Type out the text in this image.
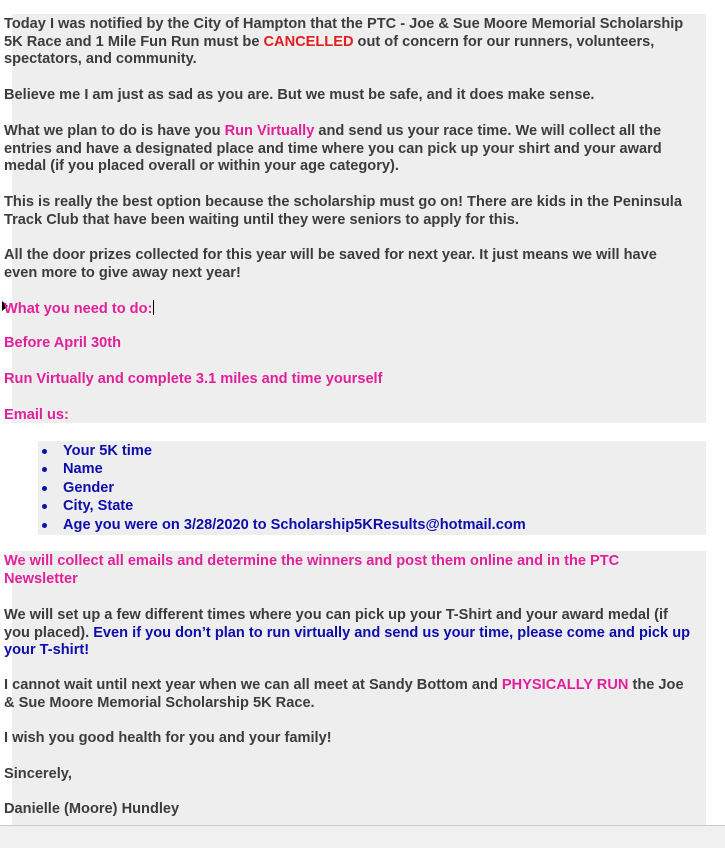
Today I was notified by the City of Hampton that the PTC - Joe & Sue Moore Memorial Scholarship 5K Race and 1 Mile Fun Run must be CANCELLED out of concern for our runners, volunteers, spectators, and community.

Believe me I am just as sad as you are. But we must be safe, and it does make sense.

What we plan to do is have you Run Virtually and send us your race time. We will collect all the entries and have a designated place and time where you can pick up your shirt and your award medal (if you placed overall or within your age category).

This is really the best option because the scholarship must go on! There are kids in the Peninsula Track Club that have been waiting until they were seniors to apply for this.

All the door prizes collected for this year will be saved for next year. It just means we will have even more to give away next year!

What you need to do:

Before April 30th

Run Virtually and complete 3.1 miles and time yourself

Email us:

Your 5K time
Name
Gender
City, State
Age you were on 3/28/2020 to Scholarship5KResults@hotmail.com

We will collect all emails and determine the winners and post them online and in the PTC Newsletter

We will set up a few different times where you can pick up your T-Shirt and your award medal (if you placed). Even if you don’t plan to run virtually and send us your time, please come and pick up your T-shirt!

I cannot wait until next year when we can all meet at Sandy Bottom and PHYSICALLY RUN the Joe & Sue Moore Memorial Scholarship 5K Race.

I wish you good health for you and your family!

Sincerely,

Danielle (Moore) Hundley
